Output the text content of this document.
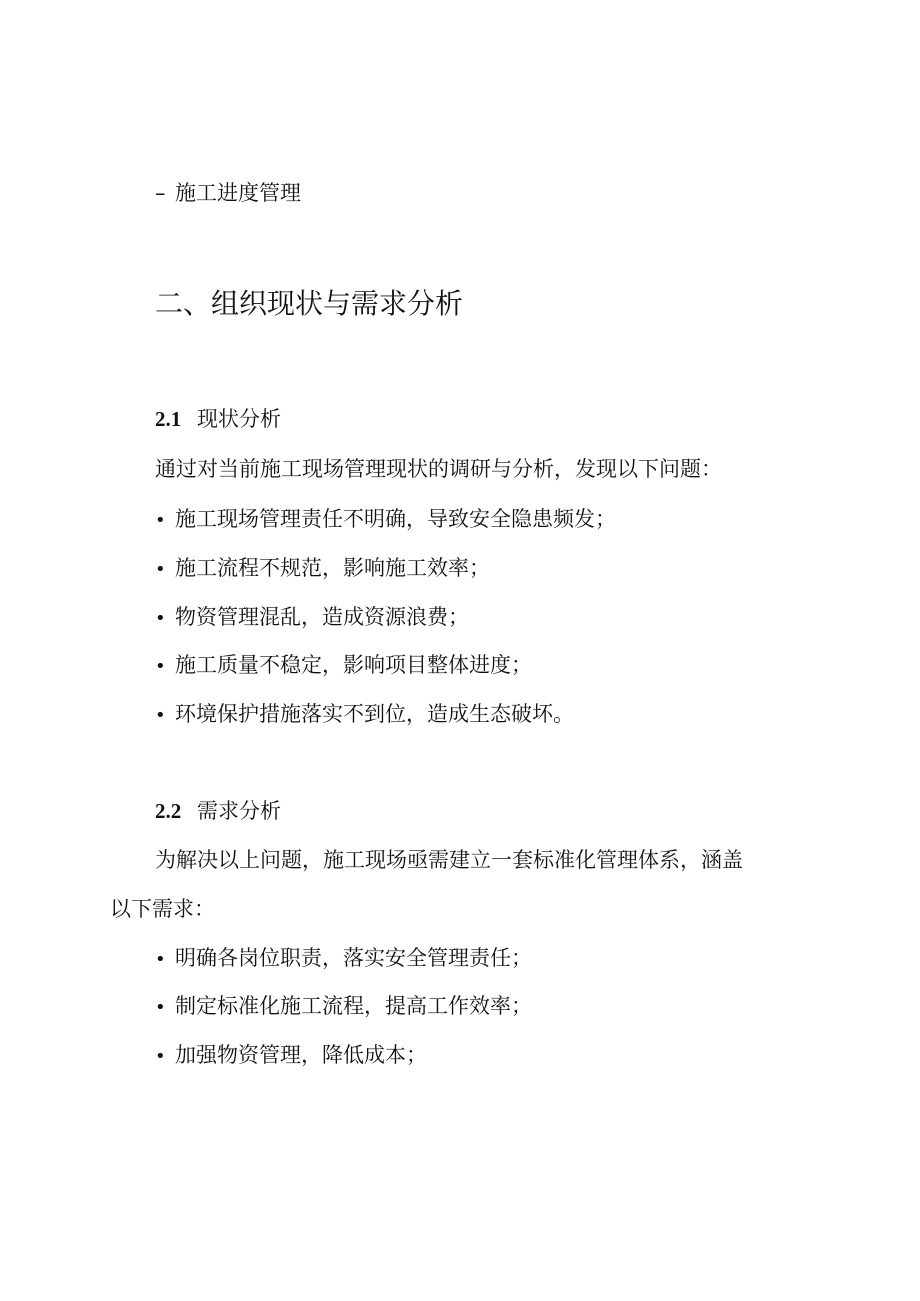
– 施工进度管理
二、组织现状与需求分析
2.1 现状分析
通过对当前施工现场管理现状的调研与分析，发现以下问题：
• 施工现场管理责任不明确，导致安全隐患频发；
• 施工流程不规范，影响施工效率；
• 物资管理混乱，造成资源浪费；
• 施工质量不稳定，影响项目整体进度；
• 环境保护措施落实不到位，造成生态破坏。
2.2 需求分析
为解决以上问题，施工现场亟需建立一套标准化管理体系，涵盖
以下需求：
• 明确各岗位职责，落实安全管理责任；
• 制定标准化施工流程，提高工作效率；
• 加强物资管理，降低成本；
